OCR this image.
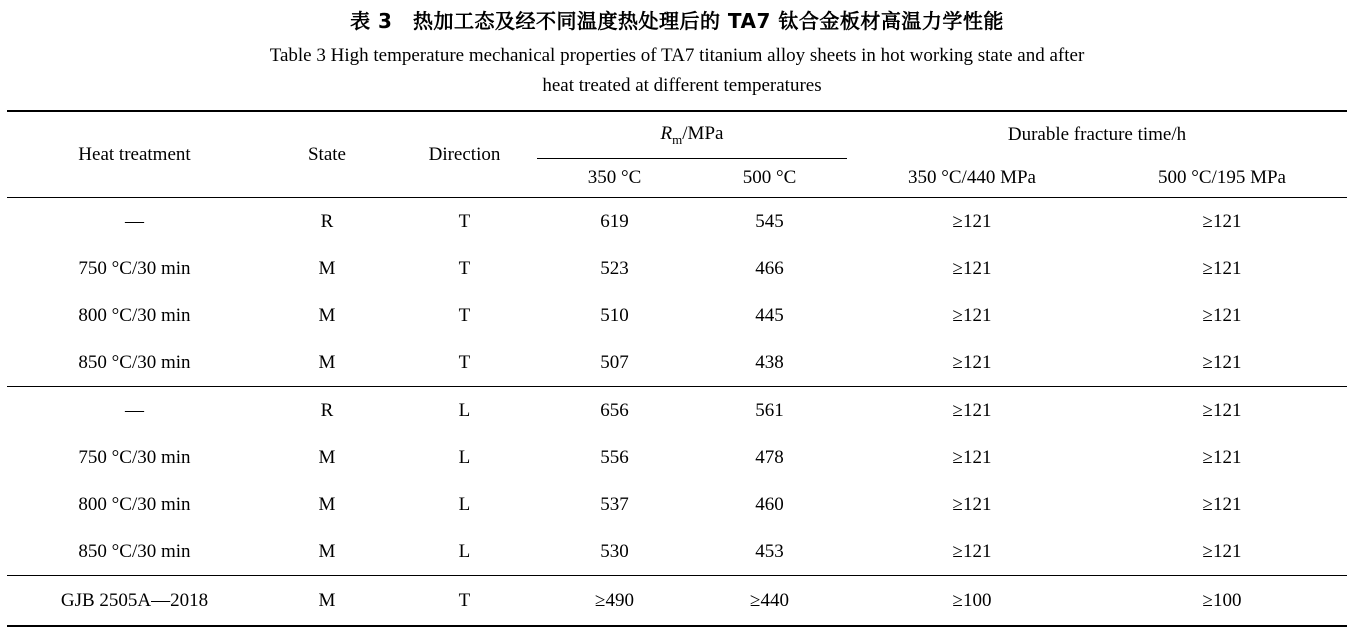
表 3　热加工态及经不同温度热处理后的 TA7 钛合金板材高温力学性能
Table 3 High temperature mechanical properties of TA7 titanium alloy sheets in hot working state and after
heat treated at different temperatures
Heat treatment	State	Direction	$R_m$/MPa		Durable fracture time/h	
			350 °C	500 °C	350 °C/440 MPa	500 °C/195 MPa
—	R	T	619	545	≥121	≥121
750 °C/30 min	M	T	523	466	≥121	≥121
800 °C/30 min	M	T	510	445	≥121	≥121
850 °C/30 min	M	T	507	438	≥121	≥121
—	R	L	656	561	≥121	≥121
750 °C/30 min	M	L	556	478	≥121	≥121
800 °C/30 min	M	L	537	460	≥121	≥121
850 °C/30 min	M	L	530	453	≥121	≥121
GJB 2505A—2018	M	T	≥490	≥440	≥100	≥100
